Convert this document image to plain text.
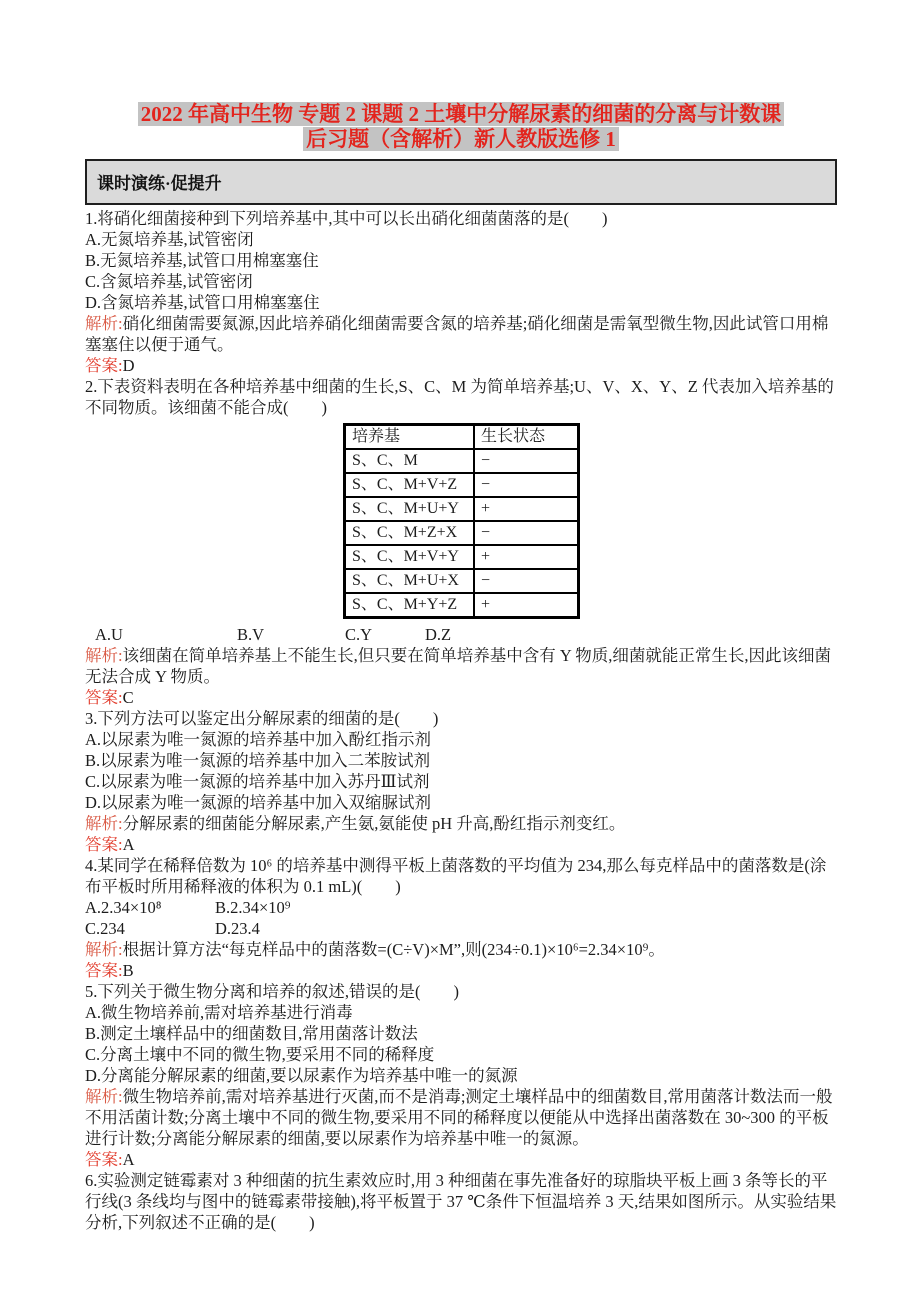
2022 年高中生物 专题 2 课题 2 土壤中分解尿素的细菌的分离与计数课
后习题（含解析）新人教版选修 1
课时演练·促提升
1.将硝化细菌接种到下列培养基中,其中可以长出硝化细菌菌落的是(　　)
A.无氮培养基,试管密闭
B.无氮培养基,试管口用棉塞塞住
C.含氮培养基,试管密闭
D.含氮培养基,试管口用棉塞塞住
解析:硝化细菌需要氮源,因此培养硝化细菌需要含氮的培养基;硝化细菌是需氧型微生物,因此试管口用棉塞塞住以便于通气。
答案:D
2.下表资料表明在各种培养基中细菌的生长,S、C、M 为简单培养基;U、V、X、Y、Z 代表加入培养基的不同物质。该细菌不能合成(　　)
培养基	生长状态
S、C、M	−
S、C、M+V+Z	−
S、C、M+U+Y	+
S、C、M+Z+X	−
S、C、M+V+Y	+
S、C、M+U+X	−
S、C、M+Y+Z	+
A.U	B.V	C.Y	D.Z
解析:该细菌在简单培养基上不能生长,但只要在简单培养基中含有 Y 物质,细菌就能正常生长,因此该细菌无法合成 Y 物质。
答案:C
3.下列方法可以鉴定出分解尿素的细菌的是(　　)
A.以尿素为唯一氮源的培养基中加入酚红指示剂
B.以尿素为唯一氮源的培养基中加入二苯胺试剂
C.以尿素为唯一氮源的培养基中加入苏丹Ⅲ试剂
D.以尿素为唯一氮源的培养基中加入双缩脲试剂
解析:分解尿素的细菌能分解尿素,产生氨,氨能使 pH 升高,酚红指示剂变红。
答案:A
4.某同学在稀释倍数为 10⁶ 的培养基中测得平板上菌落数的平均值为 234,那么每克样品中的菌落数是(涂布平板时所用稀释液的体积为 0.1 mL)(　　)
A.2.34×10⁸	B.2.34×10⁹
C.234	D.23.4
解析:根据计算方法“每克样品中的菌落数=(C÷V)×M”,则(234÷0.1)×10⁶=2.34×10⁹。
答案:B
5.下列关于微生物分离和培养的叙述,错误的是(　　)
A.微生物培养前,需对培养基进行消毒
B.测定土壤样品中的细菌数目,常用菌落计数法
C.分离土壤中不同的微生物,要采用不同的稀释度
D.分离能分解尿素的细菌,要以尿素作为培养基中唯一的氮源
解析:微生物培养前,需对培养基进行灭菌,而不是消毒;测定土壤样品中的细菌数目,常用菌落计数法而一般不用活菌计数;分离土壤中不同的微生物,要采用不同的稀释度以便能从中选择出菌落数在 30~300 的平板进行计数;分离能分解尿素的细菌,要以尿素作为培养基中唯一的氮源。
答案:A
6.实验测定链霉素对 3 种细菌的抗生素效应时,用 3 种细菌在事先准备好的琼脂块平板上画 3 条等长的平行线(3 条线均与图中的链霉素带接触),将平板置于 37 ℃条件下恒温培养 3 天,结果如图所示。从实验结果分析,下列叙述不正确的是(　　)
